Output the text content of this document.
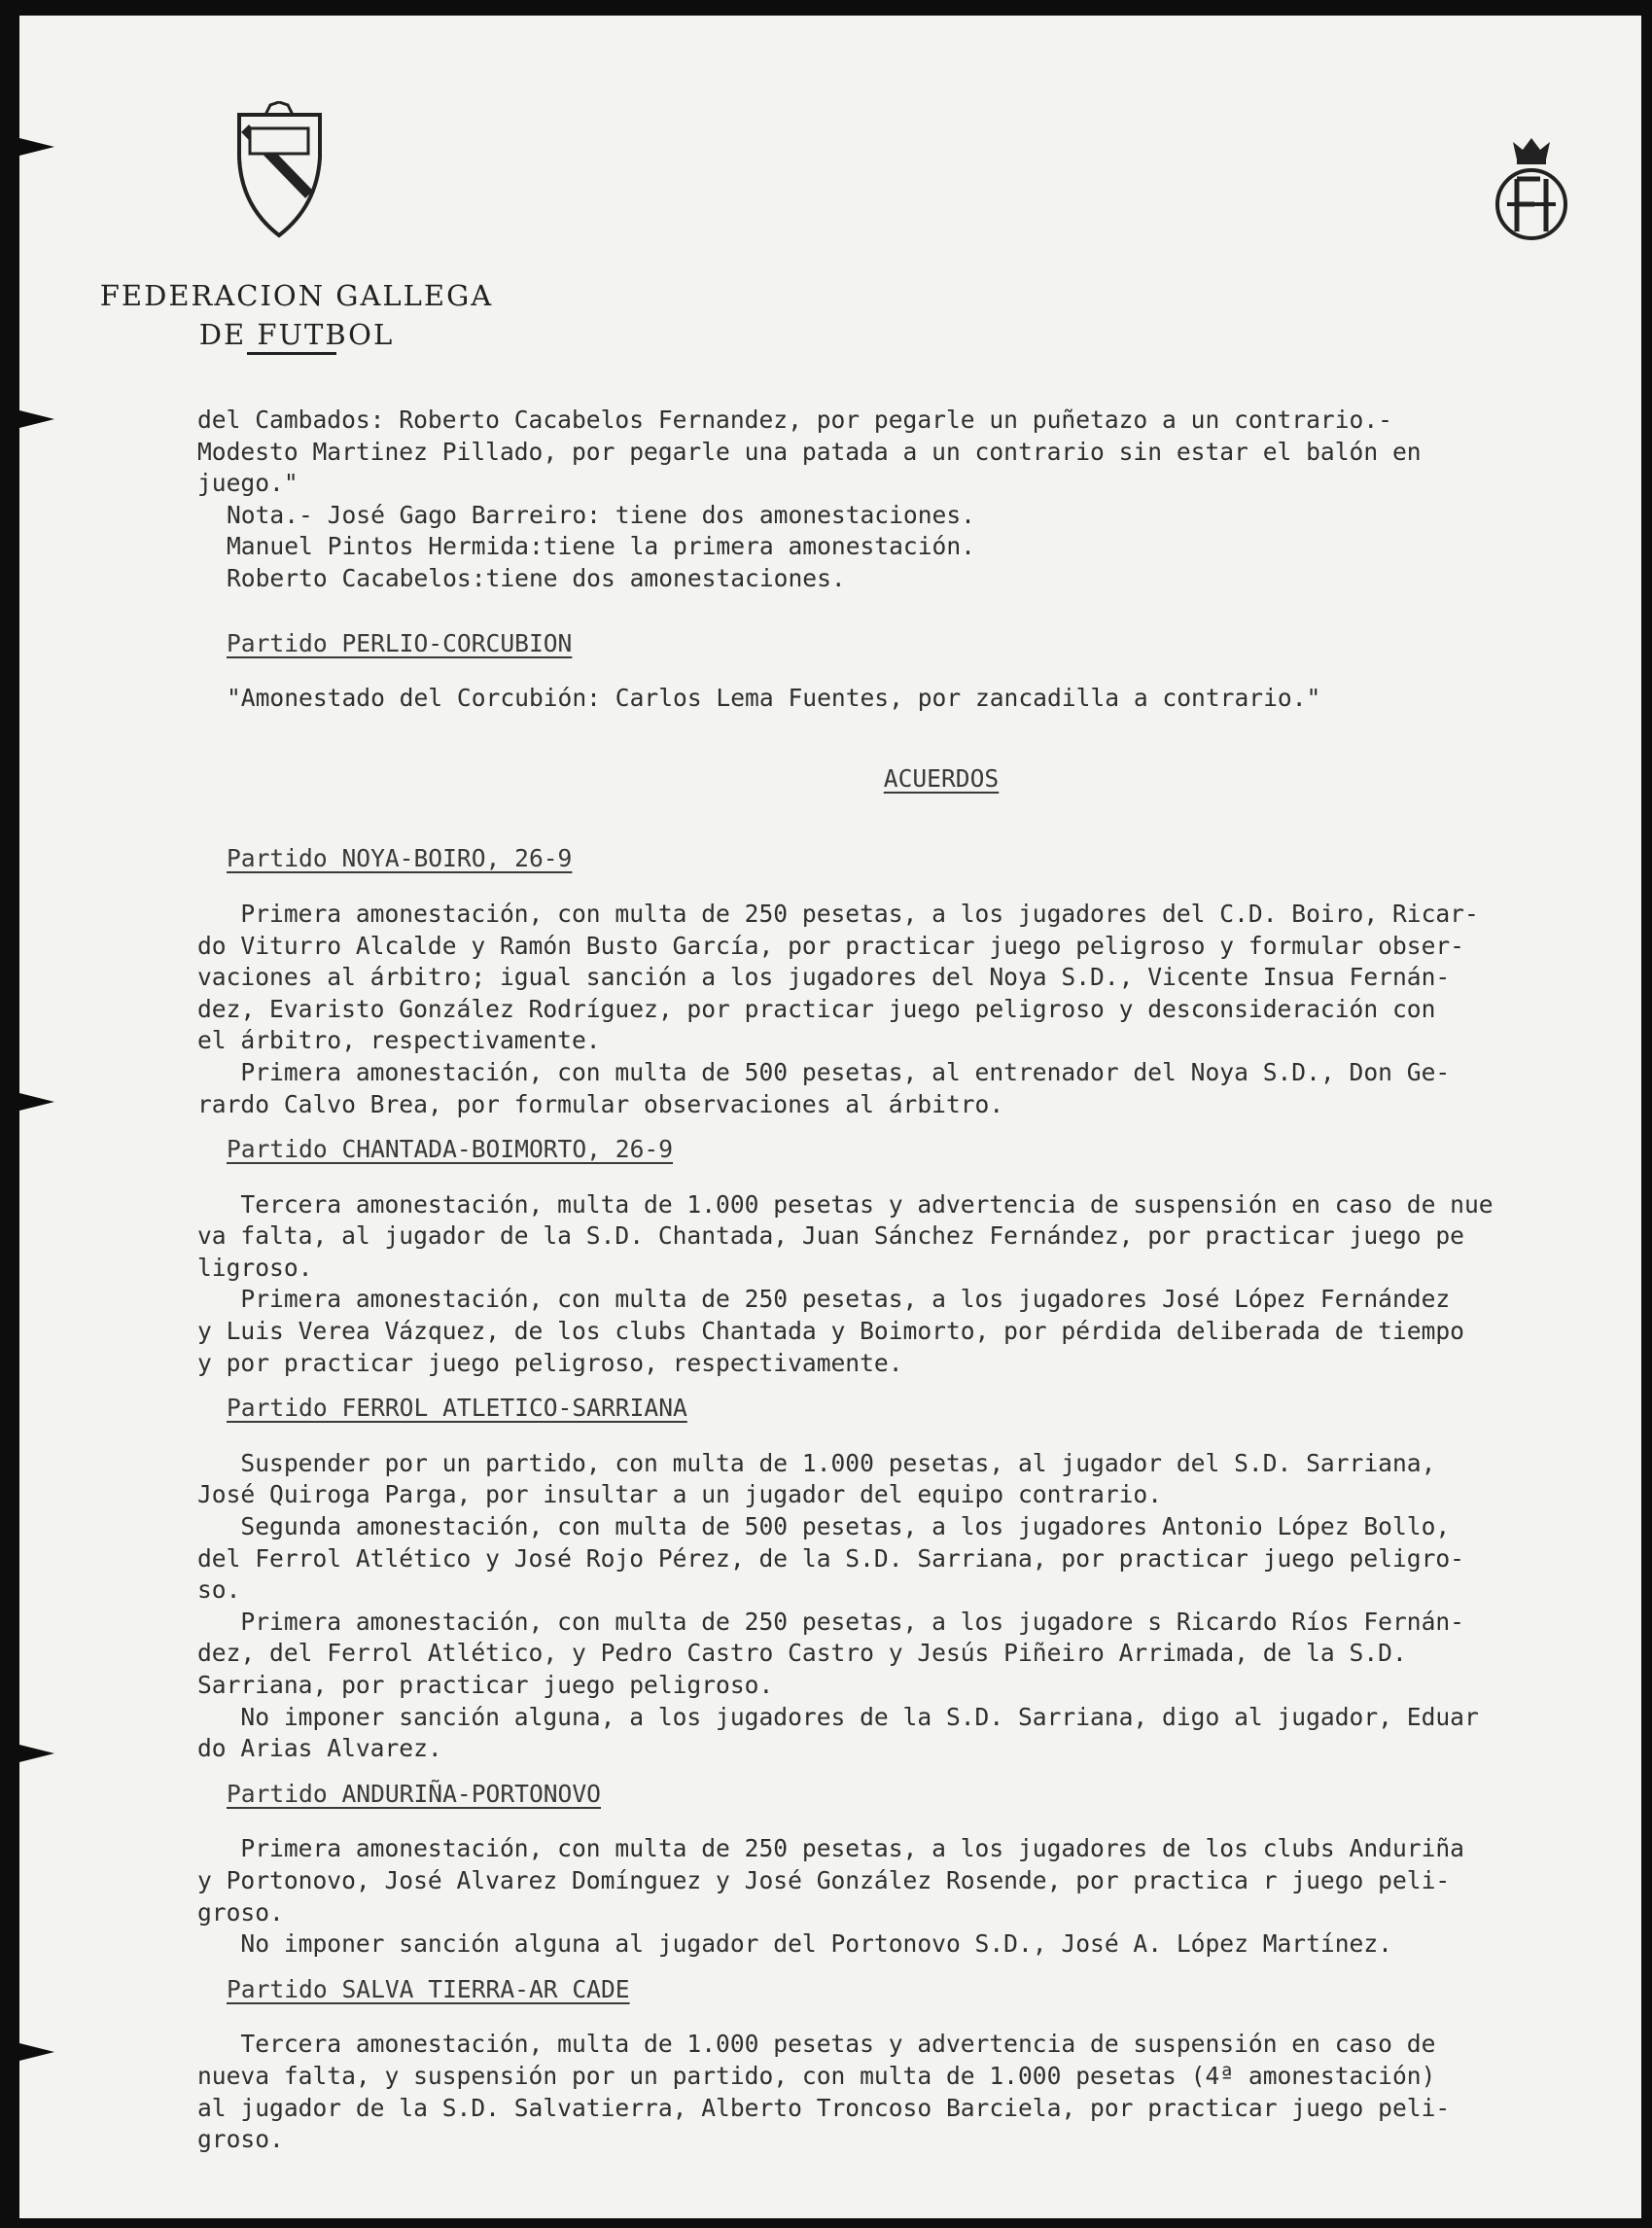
FEDERACION GALLEGA
DE FUTBOL
del Cambados: Roberto Cacabelos Fernandez, por pegarle un puñetazo a un contrario.-
Modesto Martinez Pillado, por pegarle una patada a un contrario sin estar el balón en
juego."
Nota.- José Gago Barreiro: tiene dos amonestaciones.
Manuel Pintos Hermida:tiene la primera amonestación.
Roberto Cacabelos:tiene dos amonestaciones.
Partido PERLIO-CORCUBION
"Amonestado del Corcubión: Carlos Lema Fuentes, por zancadilla a contrario."
ACUERDOS
Partido NOYA-BOIRO, 26-9
Primera amonestación, con multa de 250 pesetas, a los jugadores del C.D. Boiro, Ricar-
do Viturro Alcalde y Ramón Busto García, por practicar juego peligroso y formular obser-
vaciones al árbitro; igual sanción a los jugadores del Noya S.D., Vicente Insua Fernán-
dez, Evaristo González Rodríguez, por practicar juego peligroso y desconsideración con
el árbitro, respectivamente.
Primera amonestación, con multa de 500 pesetas, al entrenador del Noya S.D., Don Ge-
rardo Calvo Brea, por formular observaciones al árbitro.
Partido CHANTADA-BOIMORTO, 26-9
Tercera amonestación, multa de 1.000 pesetas y advertencia de suspensión en caso de nue
va falta, al jugador de la S.D. Chantada, Juan Sánchez Fernández, por practicar juego pe
ligroso.
Primera amonestación, con multa de 250 pesetas, a los jugadores José López Fernández
y Luis Verea Vázquez, de los clubs Chantada y Boimorto, por pérdida deliberada de tiempo
y por practicar juego peligroso, respectivamente.
Partido FERROL ATLETICO-SARRIANA
Suspender por un partido, con multa de 1.000 pesetas, al jugador del S.D. Sarriana,
José Quiroga Parga, por insultar a un jugador del equipo contrario.
Segunda amonestación, con multa de 500 pesetas, a los jugadores Antonio López Bollo,
del Ferrol Atlético y José Rojo Pérez, de la S.D. Sarriana, por practicar juego peligro-
so.
Primera amonestación, con multa de 250 pesetas, a los jugadore s Ricardo Ríos Fernán-
dez, del Ferrol Atlético, y Pedro Castro Castro y Jesús Piñeiro Arrimada, de la S.D.
Sarriana, por practicar juego peligroso.
No imponer sanción alguna, a los jugadores de la S.D. Sarriana, digo al jugador, Eduar
do Arias Alvarez.
Partido ANDURIÑA-PORTONOVO
Primera amonestación, con multa de 250 pesetas, a los jugadores de los clubs Anduriña
y Portonovo, José Alvarez Domínguez y José González Rosende, por practica r juego peli-
groso.
No imponer sanción alguna al jugador del Portonovo S.D., José A. López Martínez.
Partido SALVA TIERRA-AR CADE
Tercera amonestación, multa de 1.000 pesetas y advertencia de suspensión en caso de
nueva falta, y suspensión por un partido, con multa de 1.000 pesetas (4ª amonestación)
al jugador de la S.D. Salvatierra, Alberto Troncoso Barciela, por practicar juego peli-
groso.
